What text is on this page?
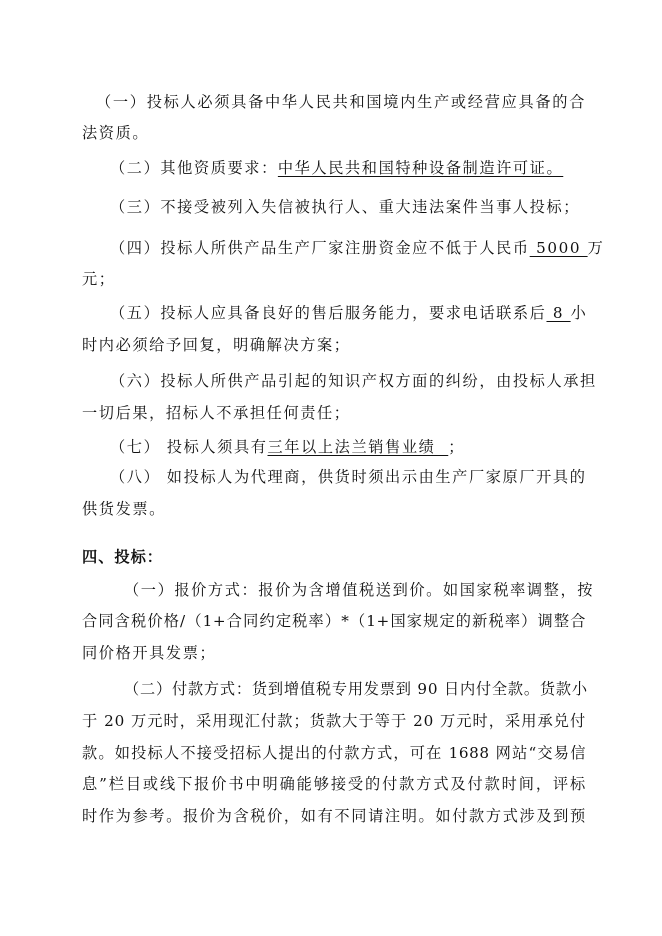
（一）投标人必须具备中华人民共和国境内生产或经营应具备的合
法资质。
（二）其他资质要求：中华人民共和国特种设备制造许可证。
（三）不接受被列入失信被执行人、重大违法案件当事人投标；
（四）投标人所供产品生产厂家注册资金应不低于人民币 5000 万
元；
（五）投标人应具备良好的售后服务能力，要求电话联系后 8 小
时内必须给予回复，明确解决方案；
（六）投标人所供产品引起的知识产权方面的纠纷，由投标人承担
一切后果，招标人不承担任何责任；
（七） 投标人须具有三年以上法兰销售业绩  ；
（八） 如投标人为代理商，供货时须出示由生产厂家原厂开具的
供货发票。
四、投标：
（一）报价方式：报价为含增值税送到价。如国家税率调整，按
合同含税价格/（1+合同约定税率）*（1+国家规定的新税率）调整合
同价格开具发票；
（二）付款方式：货到增值税专用发票到 90 日内付全款。货款小
于 20 万元时，采用现汇付款；货款大于等于 20 万元时，采用承兑付
款。如投标人不接受招标人提出的付款方式，可在 1688 网站“交易信
息”栏目或线下报价书中明确能够接受的付款方式及付款时间，评标
时作为参考。报价为含税价，如有不同请注明。如付款方式涉及到预
